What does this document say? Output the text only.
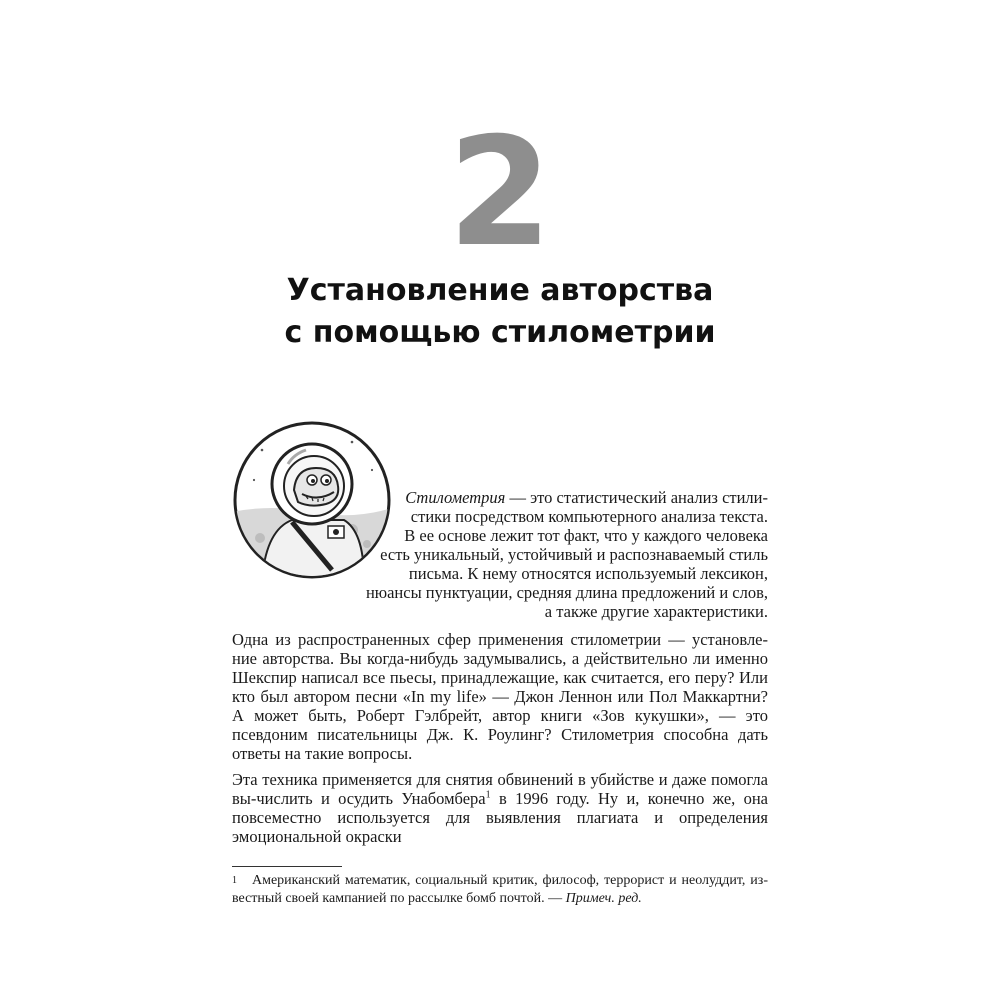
2
Установление авторства
с помощью стилометрии
Стилометрия — это статистический анализ стили-
стики посредством компьютерного анализа текста.
В ее основе лежит тот факт, что у каждого человека
есть уникальный, устойчивый и распознаваемый стиль
письма. К нему относятся используемый лексикон,
нюансы пунктуации, средняя длина предложений и слов,
а также другие характеристики.
Одна из распространенных сфер применения стилометрии — установле-ние авторства. Вы когда-нибудь задумывались, а действительно ли именно Шекспир написал все пьесы, принадлежащие, как считается, его перу? Или кто был автором песни «In my life» — Джон Леннон или Пол Маккартни? А может быть, Роберт Гэлбрейт, автор книги «Зов кукушки», — это псевдоним писательницы Дж. К. Роулинг? Стилометрия способна дать ответы на такие вопросы.
Эта техника применяется для снятия обвинений в убийстве и даже помогла вы-числить и осудить Унабомбера$^1$ в 1996 году. Ну и, конечно же, она повсеместно используется для выявления плагиата и определения эмоциональной окраски
1 Американский математик, социальный критик, философ, террорист и неолуддит, из-вестный своей кампанией по рассылке бомб почтой. — Примеч. ред.
